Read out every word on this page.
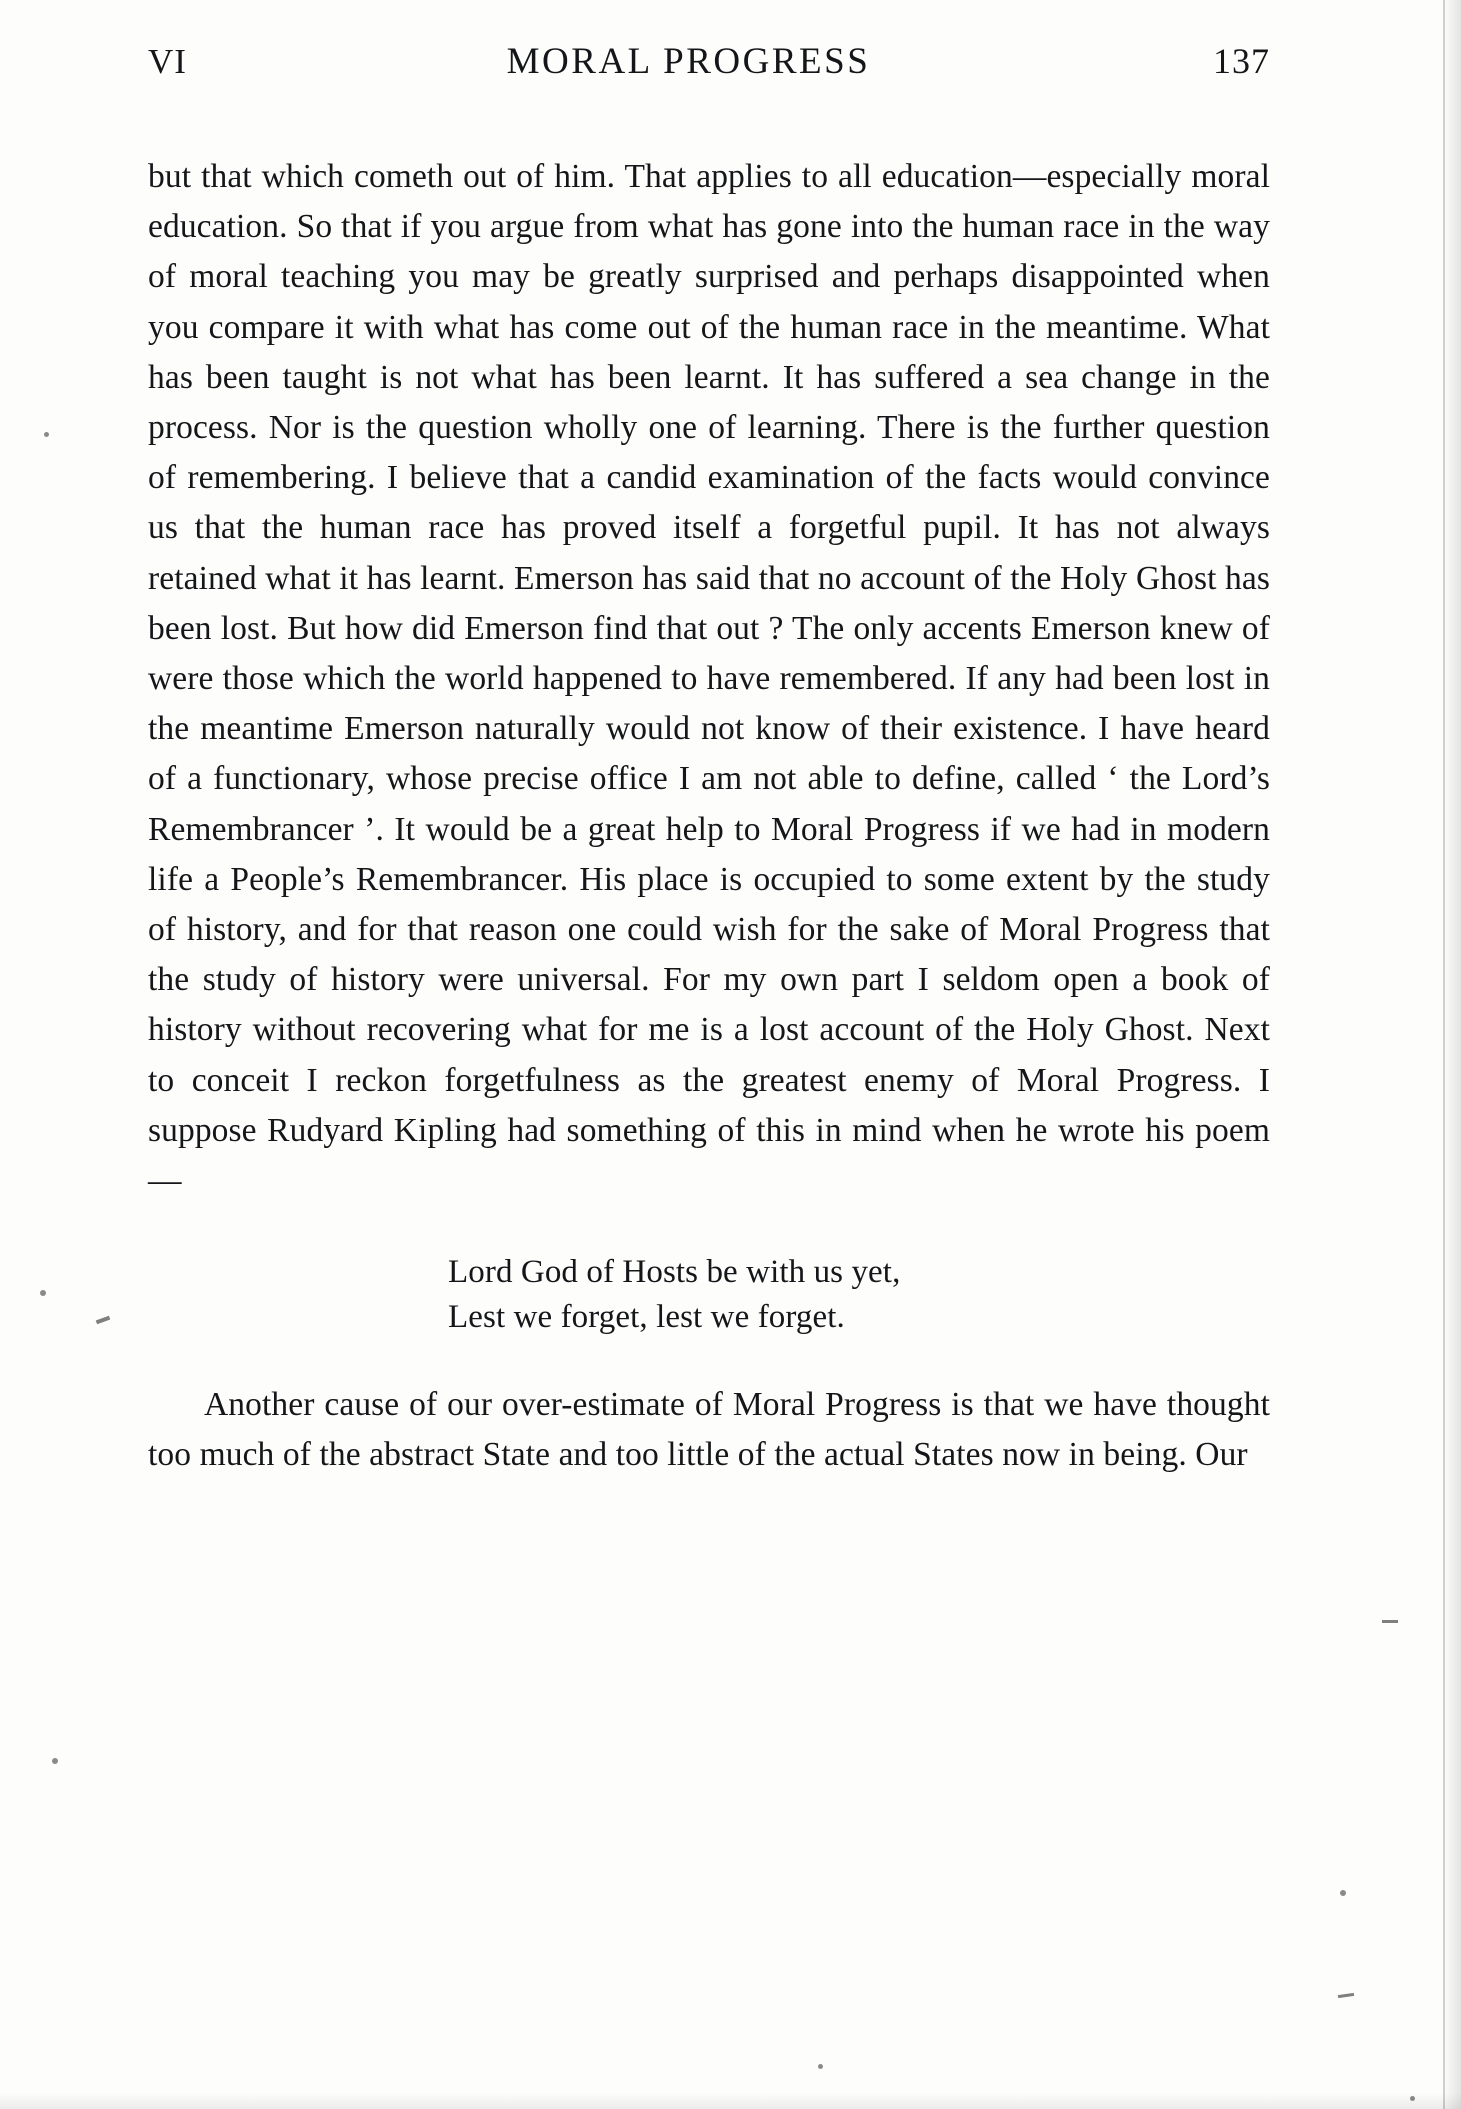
VI	MORAL PROGRESS	137

but that which cometh out of him. That applies to all education—especially moral education. So that if you argue from what has gone into the human race in the way of moral teaching you may be greatly surprised and perhaps disappointed when you compare it with what has come out of the human race in the meantime. What has been taught is not what has been learnt. It has suffered a sea change in the process. Nor is the question wholly one of learning. There is the further question of remembering. I believe that a candid examination of the facts would convince us that the human race has proved itself a forgetful pupil. It has not always retained what it has learnt. Emerson has said that no account of the Holy Ghost has been lost. But how did Emerson find that out ? The only accents Emerson knew of were those which the world happened to have remembered. If any had been lost in the meantime Emerson naturally would not know of their existence. I have heard of a functionary, whose precise office I am not able to define, called ‘ the Lord’s Remembrancer ’. It would be a great help to Moral Progress if we had in modern life a People’s Remembrancer. His place is occupied to some extent by the study of history, and for that reason one could wish for the sake of Moral Progress that the study of history were universal. For my own part I seldom open a book of history without recovering what for me is a lost account of the Holy Ghost. Next to conceit I reckon forgetfulness as the greatest enemy of Moral Progress. I suppose Rudyard Kipling had something of this in mind when he wrote his poem—

Lord God of Hosts be with us yet,
Lest we forget, lest we forget.

Another cause of our over-estimate of Moral Progress is that we have thought too much of the abstract State and too little of the actual States now in being. Our
